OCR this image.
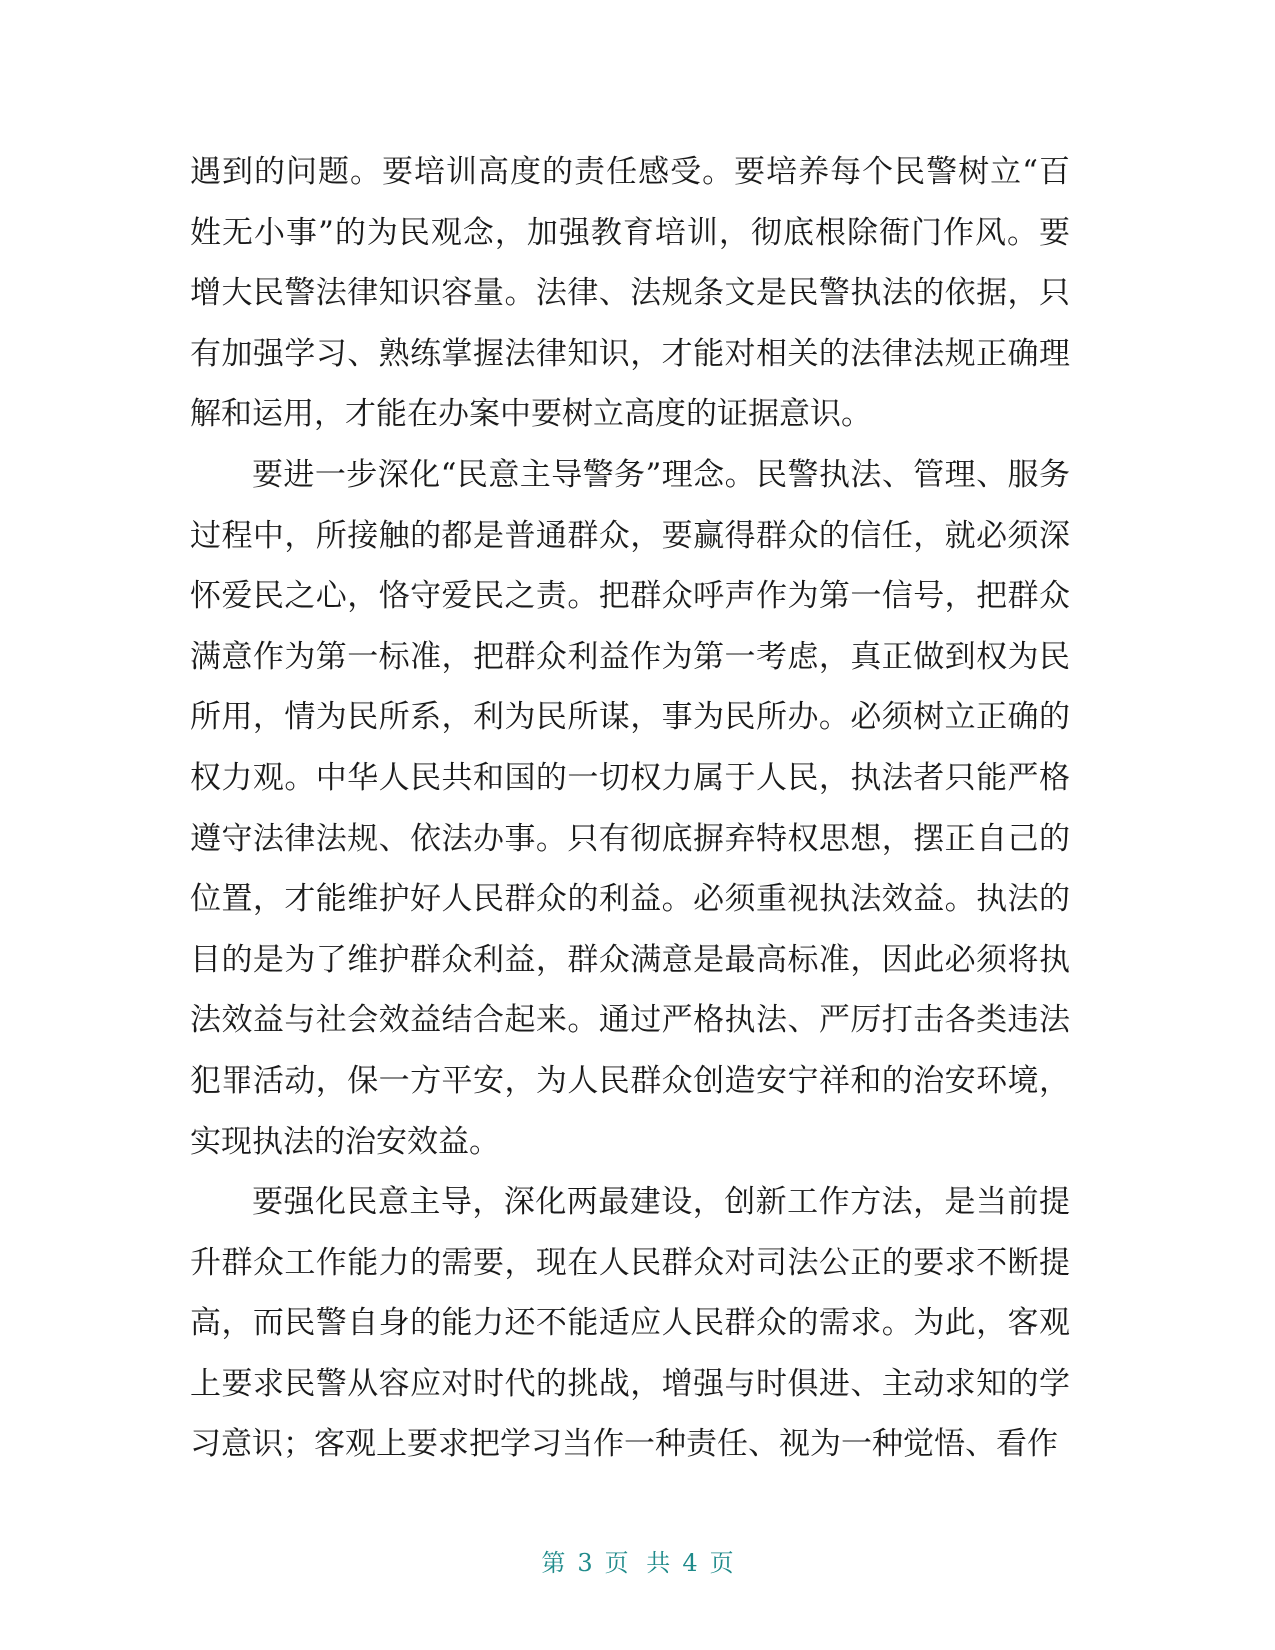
遇到的问题。要培训高度的责任感受。要培养每个民警树立“百姓无小事”的为民观念，加强教育培训，彻底根除衙门作风。要增大民警法律知识容量。法律、法规条文是民警执法的依据，只有加强学习、熟练掌握法律知识，才能对相关的法律法规正确理解和运用，才能在办案中要树立高度的证据意识。

要进一步深化“民意主导警务”理念。民警执法、管理、服务过程中，所接触的都是普通群众，要赢得群众的信任，就必须深怀爱民之心，恪守爱民之责。把群众呼声作为第一信号，把群众满意作为第一标准，把群众利益作为第一考虑，真正做到权为民所用，情为民所系，利为民所谋，事为民所办。必须树立正确的权力观。中华人民共和国的一切权力属于人民，执法者只能严格遵守法律法规、依法办事。只有彻底摒弃特权思想，摆正自己的位置，才能维护好人民群众的利益。必须重视执法效益。执法的目的是为了维护群众利益，群众满意是最高标准，因此必须将执法效益与社会效益结合起来。通过严格执法、严厉打击各类违法犯罪活动，保一方平安，为人民群众创造安宁祥和的治安环境，实现执法的治安效益。

要强化民意主导，深化两最建设，创新工作方法，是当前提升群众工作能力的需要，现在人民群众对司法公正的要求不断提高，而民警自身的能力还不能适应人民群众的需求。为此，客观上要求民警从容应对时代的挑战，增强与时俱进、主动求知的学习意识；客观上要求把学习当作一种责任、视为一种觉悟、看作

第 3 页 共 4 页
